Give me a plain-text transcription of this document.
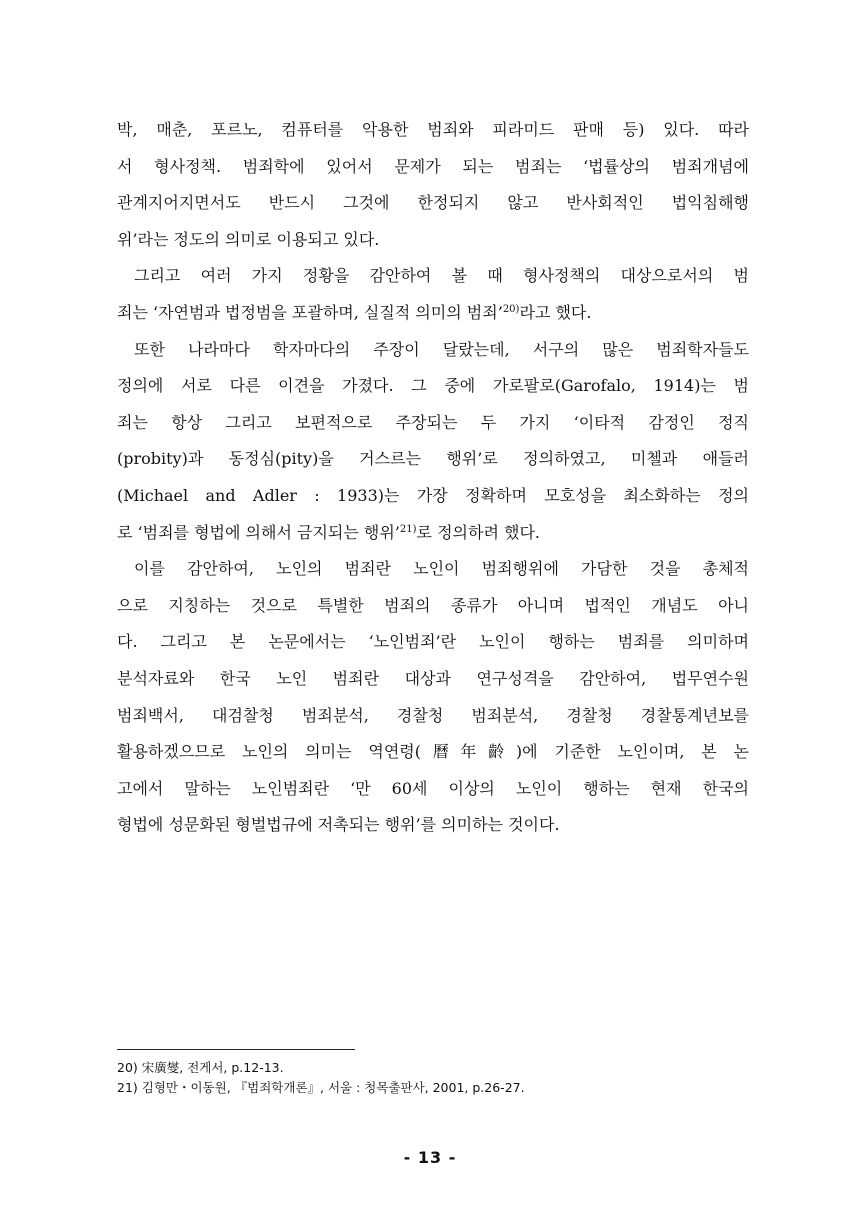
박, 매춘, 포르노, 컴퓨터를 악용한 범죄와 피라미드 판매 등) 있다. 따라
서 형사정책. 범죄학에 있어서 문제가 되는 범죄는 ‘법률상의 범죄개념에
관계지어지면서도 반드시 그것에 한정되지 않고 반사회적인 법익침해행
위’라는 정도의 의미로 이용되고 있다.
그리고 여러 가지 정황을 감안하여 볼 때 형사정책의 대상으로서의 범
죄는 ‘자연범과 법정범을 포괄하며, 실질적 의미의 범죄’$^{20)}$라고 했다.
또한 나라마다 학자마다의 주장이 달랐는데, 서구의 많은 범죄학자들도
정의에 서로 다른 이견을 가졌다. 그 중에 가로팔로(Garofalo, 1914)는 범
죄는 항상 그리고 보편적으로 주장되는 두 가지 ‘이타적 감정인 정직
(probity)과 동정심(pity)을 거스르는 행위’로 정의하였고, 미첼과 애들러
(Michael and Adler : 1933)는 가장 정확하며 모호성을 최소화하는 정의
로 ‘범죄를 형법에 의해서 금지되는 행위’$^{21)}$로 정의하려 했다.
이를 감안하여, 노인의 범죄란 노인이 범죄행위에 가담한 것을 총체적
으로 지칭하는 것으로 특별한 범죄의 종류가 아니며 법적인 개념도 아니
다. 그리고 본 논문에서는 ‘노인범죄’란 노인이 행하는 범죄를 의미하며
분석자료와 한국 노인 범죄란 대상과 연구성격을 감안하여, 법무연수원
범죄백서, 대검찰청 범죄분석, 경찰청 범죄분석, 경찰청 경찰통계년보를
활용하겠으므로 노인의 의미는 역연령(曆年齡)에 기준한 노인이며, 본 논
고에서 말하는 노인범죄란 ‘만 60세 이상의 노인이 행하는 현재 한국의
형법에 성문화된 형벌법규에 저촉되는 행위’를 의미하는 것이다.
20) 宋廣燮, 전게서, p.12-13.
21) 김형만・이동원, 『범죄학개론』, 서울 : 청목출판사, 2001, p.26-27.
- 13 -
